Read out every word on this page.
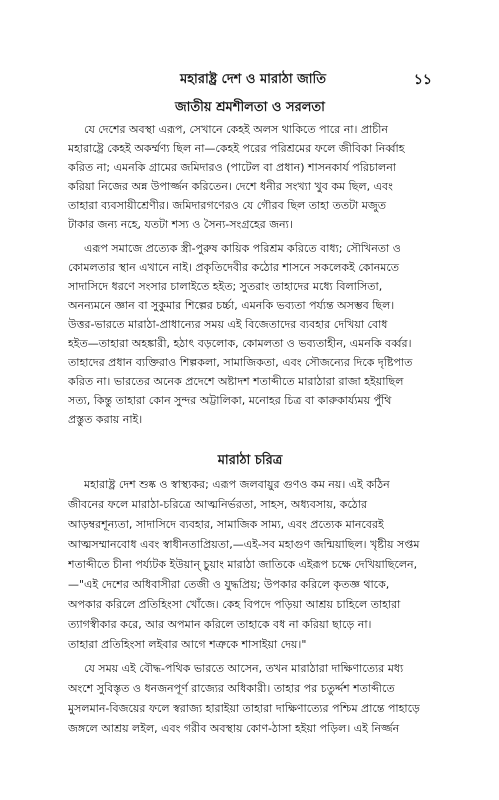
মহারাষ্ট্র দেশ ও মারাঠা জাতি	১১
জাতীয় শ্রমশীলতা ও সরলতা
যে দেশের অবস্থা এরূপ, সেখানে কেহই অলস থাকিতে পারে না। প্রাচীন
মহারাষ্ট্রে কেহই অকর্ম্মণ্য ছিল না—কেহই পরের পরিশ্রমের ফলে জীবিকা নির্ব্বাহ
করিত না; এমনকি গ্রামের জমিদারও (পাটেল বা প্রধান) শাসনকার্য পরিচালনা
করিয়া নিজের অন্ন উপার্জ্জন করিতেন। দেশে ধনীর সংখ্যা খুব কম ছিল, এবং
তাহারা ব্যবসায়ীশ্রেণীর। জমিদারগণেরও যে গৌরব ছিল তাহা ততটা মজুত
টাকার জন্য নহে, যতটা শস্য ও সৈন্য-সংগ্রহের জন্য।
এরূপ সমাজে প্রত্যেক স্ত্রী-পুরুষ কায়িক পরিশ্রম করিতে বাধ্য; সৌখিনতা ও
কোমলতার স্থান এখানে নাই। প্রকৃতিদেবীর কঠোর শাসনে সকলেকই কোনমতে
সাদাসিদে ধরণে সংসার চালাইতে হইত; সুতরাং তাহাদের মধ্যে বিলাসিতা,
অনন্যমনে জ্ঞান বা সুকুমার শিল্পের চর্চ্চা, এমনকি ভব্যতা পর্য্যন্ত অসম্ভব ছিল।
উত্তর-ভারতে মারাঠা-প্রাধান্যের সময় এই বিজেতাদের ব্যবহার দেখিয়া বোধ
হইত—তাহারা অহঙ্কারী, হঠাৎ বড়লোক, কোমলতা ও ভব্যতাহীন, এমনকি বর্ব্বর।
তাহাদের প্রধান ব্যক্তিরাও শিল্পকলা, সামাজিকতা, এবং সৌজন্যের দিকে দৃষ্টিপাত
করিত না। ভারতের অনেক প্রদেশে অষ্টাদশ শতাব্দীতে মারাঠারা রাজা হইয়াছিল
সত্য, কিন্তু তাহারা কোন সুন্দর অট্টালিকা, মনোহর চিত্র বা কারুকার্য্যময় পুঁথি
প্রস্তুত করায় নাই।
মারাঠা চরিত্র
মহারাষ্ট্র দেশ শুষ্ক ও স্বাস্থ্যকর; এরূপ জলবায়ুর গুণও কম নয়। এই কঠিন
জীবনের ফলে মারাঠা-চরিত্রে আত্মনির্ভরতা, সাহস, অধ্যবসায়, কঠোর
আড়ম্বরশূন্যতা, সাদাসিদে ব্যবহার, সামাজিক সাম্য, এবং প্রত্যেক মানবেরই
আত্মসম্মানবোধ এবং স্বাধীনতাপ্রিয়তা,—এই-সব মহাগুণ জন্মিয়াছিল। খৃষ্টীয় সপ্তম
শতাব্দীতে চীনা পর্য্যটক ইউয়ান্ চুয়াং মারাঠা জাতিকে এইরূপ চক্ষে দেখিয়াছিলেন,
—"এই দেশের অধিবাসীরা তেজী ও যুদ্ধপ্রিয়; উপকার করিলে কৃতজ্ঞ থাকে,
অপকার করিলে প্রতিহিংসা খোঁজে। কেহ বিপদে পড়িয়া আশ্রয় চাহিলে তাহারা
ত্যাগস্বীকার করে, আর অপমান করিলে তাহাকে বধ না করিয়া ছাড়ে না।
তাহারা প্রতিহিংসা লইবার আগে শত্রুকে শাসাইয়া দেয়।"
যে সময় এই বৌদ্ধ-পথিক ভারতে আসেন, তখন মারাঠারা দাক্ষিণাত্যের মধ্য
অংশে সুবিস্তৃত ও ধনজনপূর্ণ রাজ্যের অধিকারী। তাহার পর চতুর্দ্দশ শতাব্দীতে
মুসলমান-বিজয়ের ফলে স্বরাজ্য হারাইয়া তাহারা দাক্ষিণাত্যের পশ্চিম প্রান্তে পাহাড়ে
জঙ্গলে আশ্রয় লইল, এবং গরীব অবস্থায় কোণ-ঠাসা হইয়া পড়িল। এই নির্জ্জন
